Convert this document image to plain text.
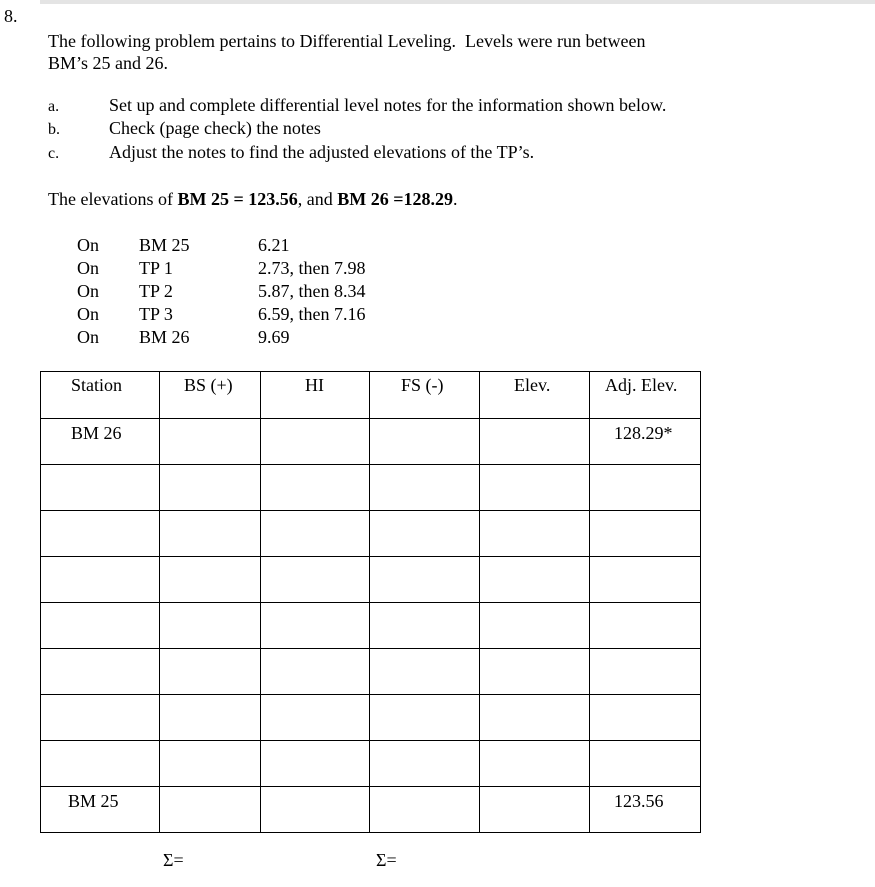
8.
The following problem pertains to Differential Leveling.  Levels were run between
BM’s 25 and 26.
a.	Set up and complete differential level notes for the information shown below.
b.	Check (page check) the notes
c.	Adjust the notes to find the adjusted elevations of the TP’s.
The elevations of BM 25 = 123.56, and BM 26 =128.29.
On BM 25	6.21
On TP 1	2.73, then 7.98
On TP 2	5.87, then 8.34
On TP 3	6.59, then 7.16
On BM 26	9.69
Station	BS (+)	HI	FS (-)	Elev.	Adj. Elev.

BM 26					128.29*

BM 25					123.56
Σ=	Σ=
